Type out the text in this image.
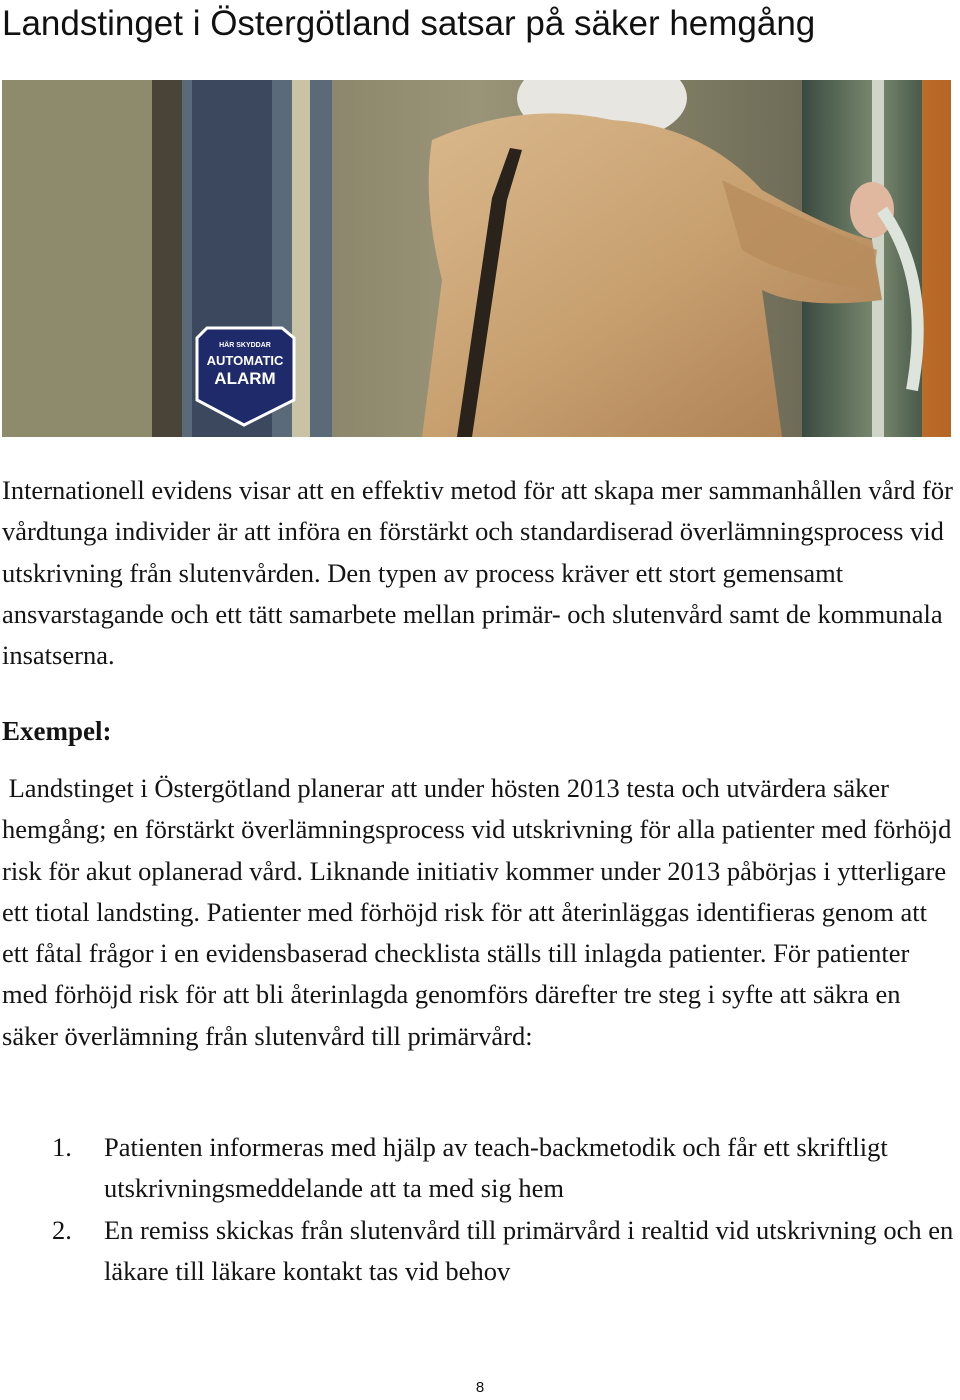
Landstinget i Östergötland satsar på säker hemgång
HÄR SKYDDAR
AUTOMATIC
ALARM

Internationell evidens visar att en effektiv metod för att skapa mer sammanhållen vård för vårdtunga individer är att införa en förstärkt och standardiserad överlämningsprocess vid utskrivning från slutenvården. Den typen av process kräver ett stort gemensamt ansvarstagande och ett tätt samarbete mellan primär- och slutenvård samt de kommunala insatserna.

Exempel:

Landstinget i Östergötland planerar att under hösten 2013 testa och utvärdera säker hemgång; en förstärkt överlämningsprocess vid utskrivning för alla patienter med förhöjd risk för akut oplanerad vård. Liknande initiativ kommer under 2013 påbörjas i ytterligare ett tiotal landsting. Patienter med förhöjd risk för att återinläggas identifieras genom att ett fåtal frågor i en evidensbaserad checklista ställs till inlagda patienter. För patienter med förhöjd risk för att bli återinlagda genomförs därefter tre steg i syfte att säkra en säker överlämning från slutenvård till primärvård:

1. Patienten informeras med hjälp av teach-backmetodik och får ett skriftligt utskrivningsmeddelande att ta med sig hem
2. En remiss skickas från slutenvård till primärvård i realtid vid utskrivning och en läkare till läkare kontakt tas vid behov
8
